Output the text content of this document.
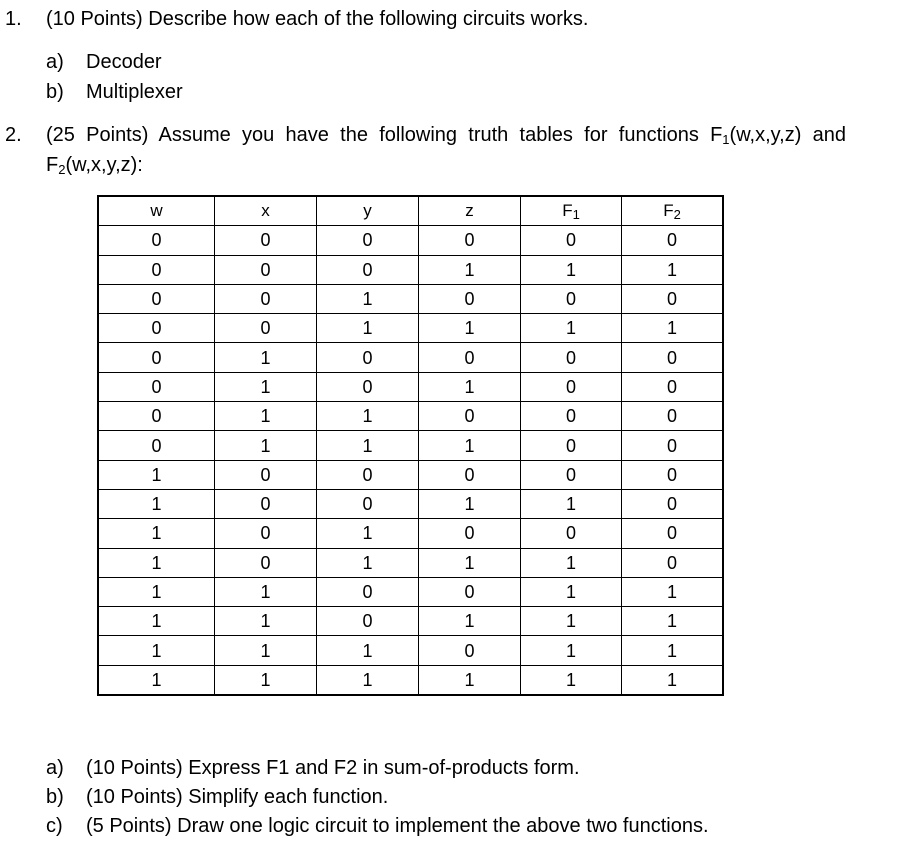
1. (10 Points) Describe how each of the following circuits works.
a) Decoder
b) Multiplexer
2. (25 Points) Assume you have the following truth tables for functions $F_1(w,x,y,z)$ and
$F_2(w,x,y,z)$:
w	x	y	z	$F_1$	$F_2$
0	0	0	0	0	0
0	0	0	1	1	1
0	0	1	0	0	0
0	0	1	1	1	1
0	1	0	0	0	0
0	1	0	1	0	0
0	1	1	0	0	0
0	1	1	1	0	0
1	0	0	0	0	0
1	0	0	1	1	0
1	0	1	0	0	0
1	0	1	1	1	0
1	1	0	0	1	1
1	1	0	1	1	1
1	1	1	0	1	1
1	1	1	1	1	1
a) (10 Points) Express F1 and F2 in sum-of-products form.
b) (10 Points) Simplify each function.
c) (5 Points) Draw one logic circuit to implement the above two functions.
